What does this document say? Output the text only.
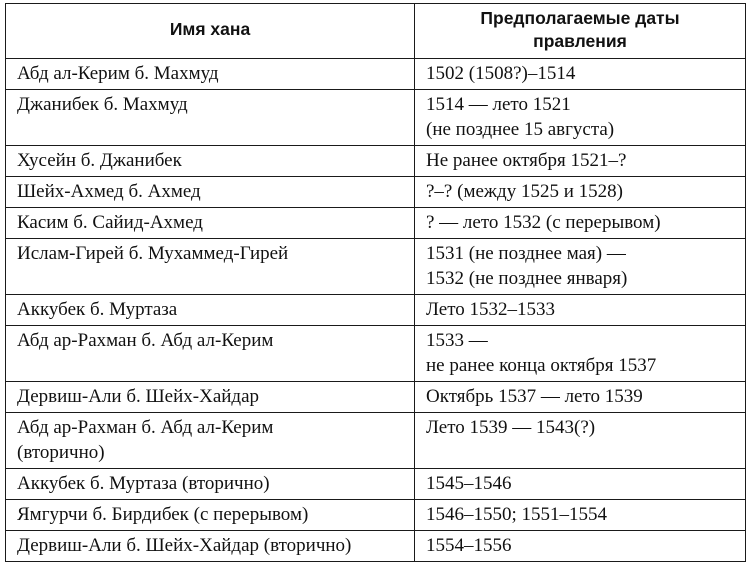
Имя хана	Предполагаемые даты
правления

Абд ал-Керим б. Махмуд	1502 (1508?)–1514

Джанибек б. Махмуд	1514 — лето 1521
(не позднее 15 августа)

Хусейн б. Джанибек	Не ранее октября 1521–?

Шейх-Ахмед б. Ахмед	?–? (между 1525 и 1528)

Касим б. Сайид-Ахмед	? — лето 1532 (с перерывом)

Ислам-Гирей б. Мухаммед-Гирей	1531 (не позднее мая) —
1532 (не позднее января)

Аккубек б. Муртаза	Лето 1532–1533

Абд ар-Рахман б. Абд ал-Керим	1533 —
не ранее конца октября 1537

Дервиш-Али б. Шейх-Хайдар	Октябрь 1537 — лето 1539

Абд ар-Рахман б. Абд ал-Керим
(вторично)	Лето 1539 — 1543(?)

Аккубек б. Муртаза (вторично)	1545–1546

Ямгурчи б. Бирдибек (с перерывом)	1546–1550; 1551–1554

Дервиш-Али б. Шейх-Хайдар (вторично)	1554–1556
